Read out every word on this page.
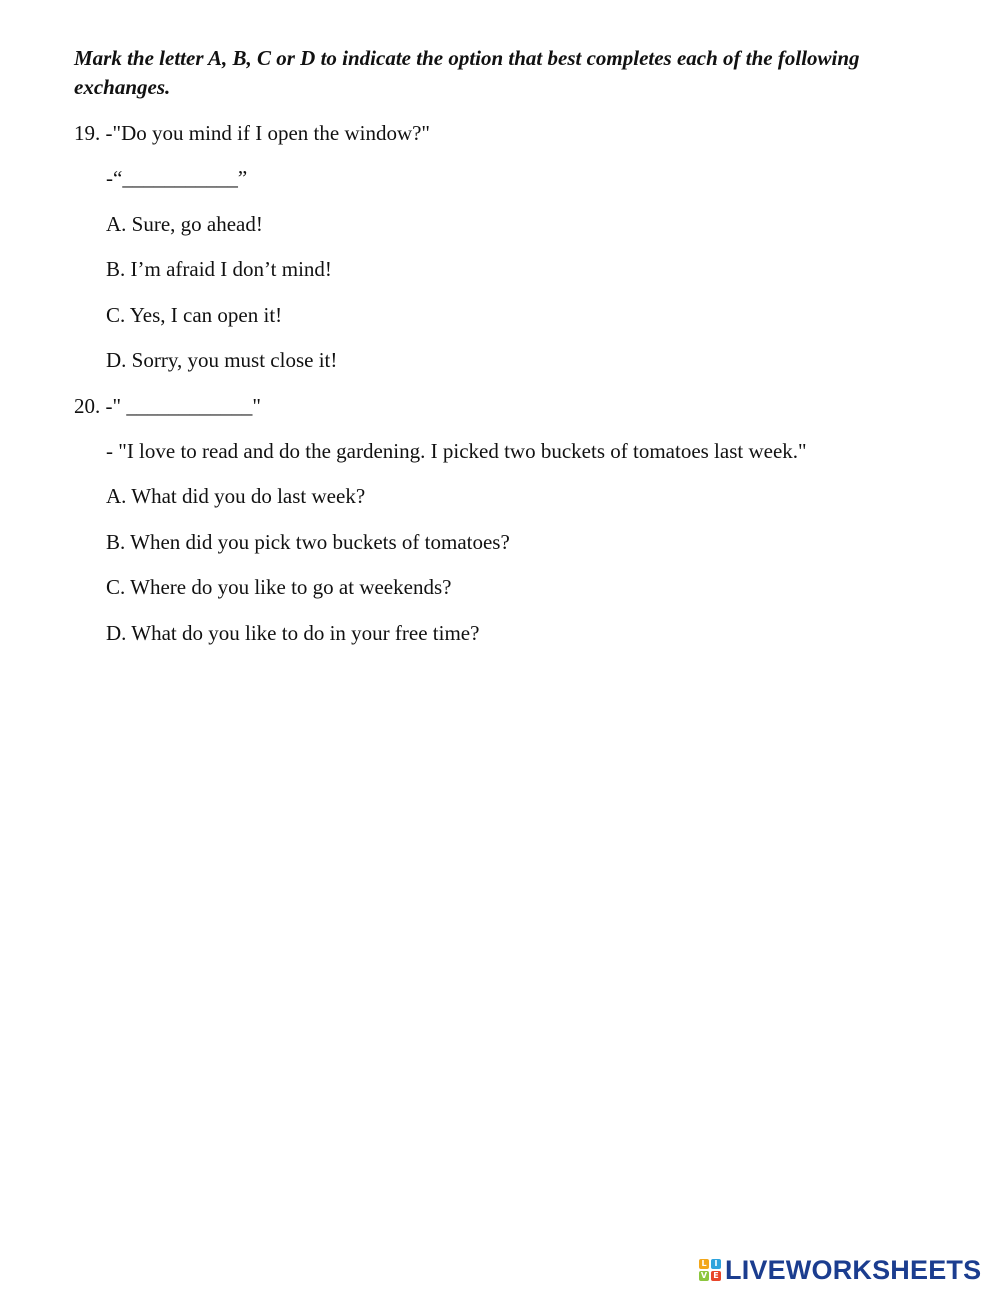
Mark the letter A, B, C or D to indicate the option that best completes each of the following exchanges.
19. -"Do you mind if I open the window?"
-“___________”
A. Sure, go ahead!
B. I’m afraid I don’t mind!
C. Yes, I can open it!
D. Sorry, you must close it!
20. -" ____________"
- "I love to read and do the gardening. I picked two buckets of tomatoes last week."
A. What did you do last week?
B. When did you pick two buckets of tomatoes?
C. Where do you like to go at weekends?
D. What do you like to do in your free time?
L I
V E LIVEWORKSHEETS
